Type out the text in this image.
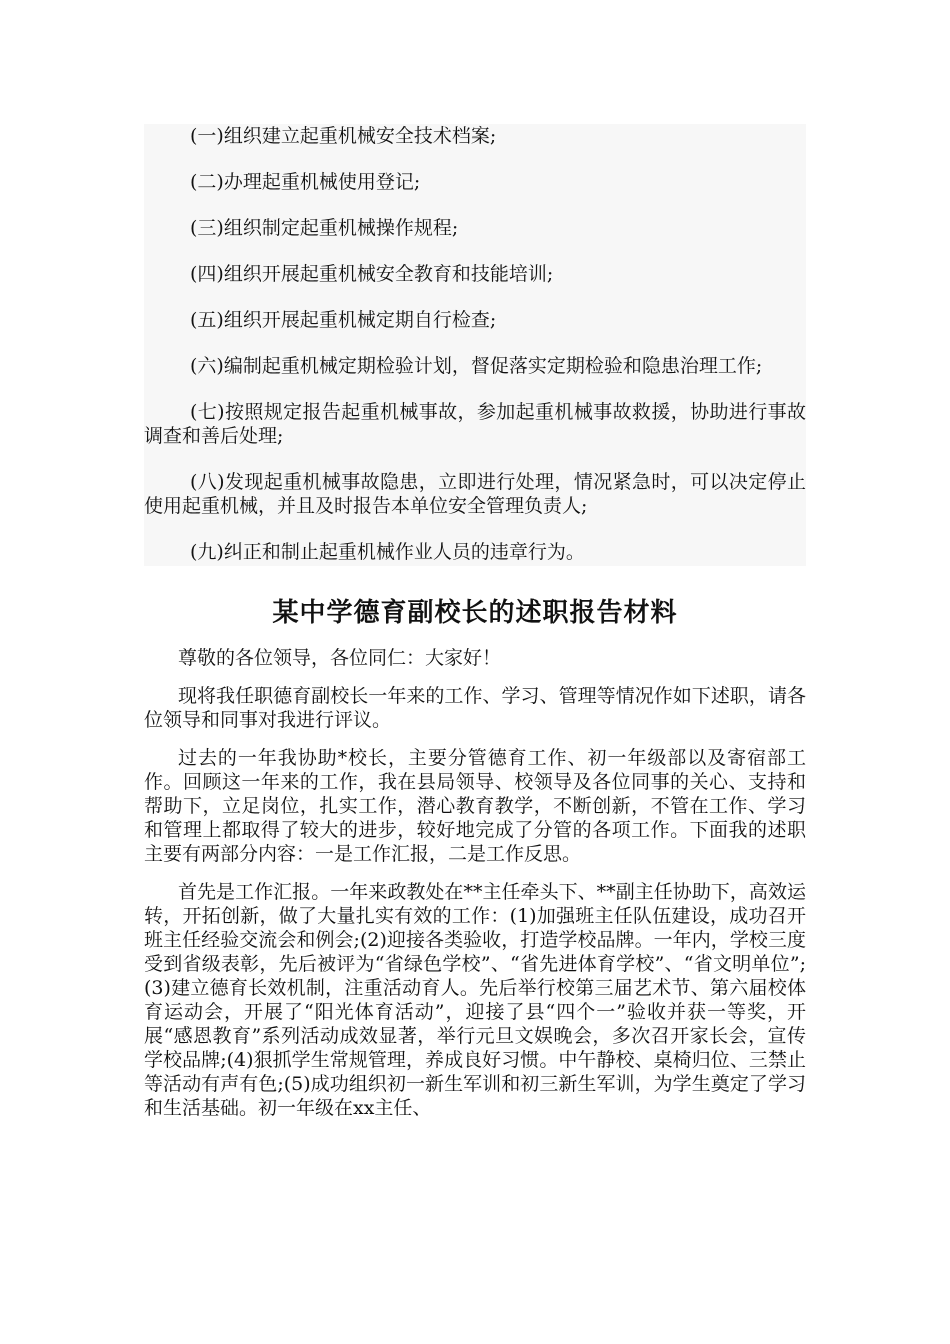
(一)组织建立起重机械安全技术档案;

(二)办理起重机械使用登记;

(三)组织制定起重机械操作规程;

(四)组织开展起重机械安全教育和技能培训;

(五)组织开展起重机械定期自行检查;

(六)编制起重机械定期检验计划，督促落实定期检验和隐患治理工作;

(七)按照规定报告起重机械事故，参加起重机械事故救援，协助进行事故调查和善后处理;

(八)发现起重机械事故隐患，立即进行处理，情况紧急时，可以决定停止使用起重机械，并且及时报告本单位安全管理负责人;

(九)纠正和制止起重机械作业人员的违章行为。

某中学德育副校长的述职报告材料

尊敬的各位领导，各位同仁：大家好！

现将我任职德育副校长一年来的工作、学习、管理等情况作如下述职，请各位领导和同事对我进行评议。

过去的一年我协助*校长，主要分管德育工作、初一年级部以及寄宿部工作。回顾这一年来的工作，我在县局领导、校领导及各位同事的关心、支持和帮助下，立足岗位，扎实工作，潜心教育教学，不断创新，不管在工作、学习和管理上都取得了较大的进步，较好地完成了分管的各项工作。下面我的述职主要有两部分内容：一是工作汇报，二是工作反思。

首先是工作汇报。一年来政教处在**主任牵头下、**副主任协助下，高效运转，开拓创新，做了大量扎实有效的工作：(1)加强班主任队伍建设，成功召开班主任经验交流会和例会;(2)迎接各类验收，打造学校品牌。一年内，学校三度受到省级表彰，先后被评为“省绿色学校”、“省先进体育学校”、“省文明单位”;(3)建立德育长效机制，注重活动育人。先后举行校第三届艺术节、第六届校体育运动会，开展了“阳光体育活动”，迎接了县“四个一”验收并获一等奖，开展“感恩教育”系列活动成效显著，举行元旦文娱晚会，多次召开家长会，宣传学校品牌;(4)狠抓学生常规管理，养成良好习惯。中午静校、桌椅归位、三禁止等活动有声有色;(5)成功组织初一新生军训和初三新生军训，为学生奠定了学习和生活基础。初一年级在xx主任、
